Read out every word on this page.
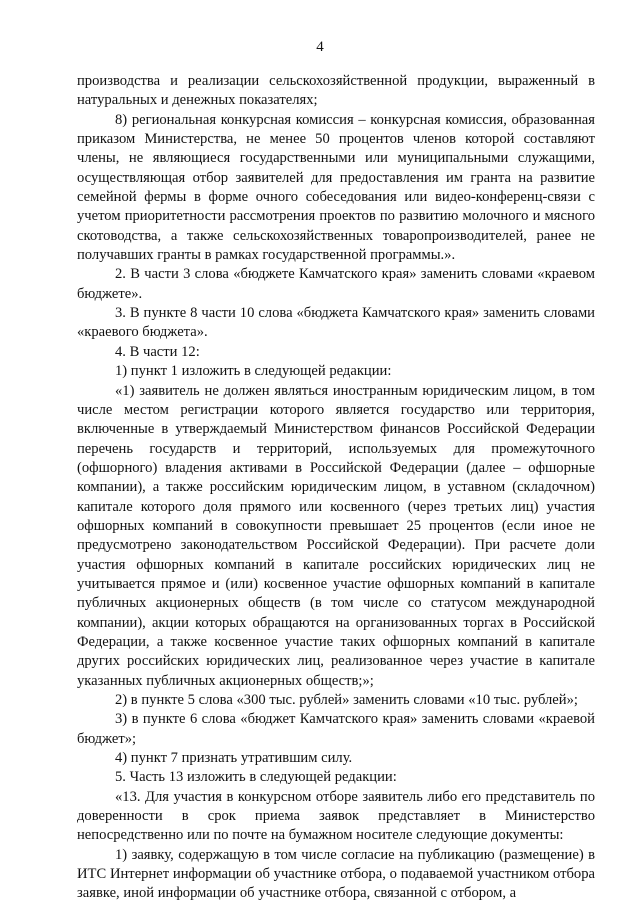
4

производства и реализации сельскохозяйственной продукции, выраженный в натуральных и денежных показателях;

8) региональная конкурсная комиссия – конкурсная комиссия, образованная приказом Министерства, не менее 50 процентов членов которой составляют члены, не являющиеся государственными или муниципальными служащими, осуществляющая отбор заявителей для предоставления им гранта на развитие семейной фермы в форме очного собеседования или видео-конференц-связи с учетом приоритетности рассмотрения проектов по развитию молочного и мясного скотоводства, а также сельскохозяйственных товаропроизводителей, ранее не получавших гранты в рамках государственной программы.».

2. В части 3 слова «бюджете Камчатского края» заменить словами «краевом бюджете».

3. В пункте 8 части 10 слова «бюджета Камчатского края» заменить словами «краевого бюджета».

4. В части 12:

1) пункт 1 изложить в следующей редакции:

«1) заявитель не должен являться иностранным юридическим лицом, в том числе местом регистрации которого является государство или территория, включенные в утверждаемый Министерством финансов Российской Федерации перечень государств и территорий, используемых для промежуточного (офшорного) владения активами в Российской Федерации (далее – офшорные компании), а также российским юридическим лицом, в уставном (складочном) капитале которого доля прямого или косвенного (через третьих лиц) участия офшорных компаний в совокупности превышает 25 процентов (если иное не предусмотрено законодательством Российской Федерации). При расчете доли участия офшорных компаний в капитале российских юридических лиц не учитывается прямое и (или) косвенное участие офшорных компаний в капитале публичных акционерных обществ (в том числе со статусом международной компании), акции которых обращаются на организованных торгах в Российской Федерации, а также косвенное участие таких офшорных компаний в капитале других российских юридических лиц, реализованное через участие в капитале указанных публичных акционерных обществ;»;

2) в пункте 5 слова «300 тыс. рублей» заменить словами «10 тыс. рублей»;

3) в пункте 6 слова «бюджет Камчатского края» заменить словами «краевой бюджет»;

4) пункт 7 признать утратившим силу.

5. Часть 13 изложить в следующей редакции:

«13. Для участия в конкурсном отборе заявитель либо его представитель по доверенности в срок приема заявок представляет в Министерство непосредственно или по почте на бумажном носителе следующие документы:

1) заявку, содержащую в том числе согласие на публикацию (размещение) в ИТС Интернет информации об участнике отбора, о подаваемой участником отбора заявке, иной информации об участнике отбора, связанной с отбором, а
